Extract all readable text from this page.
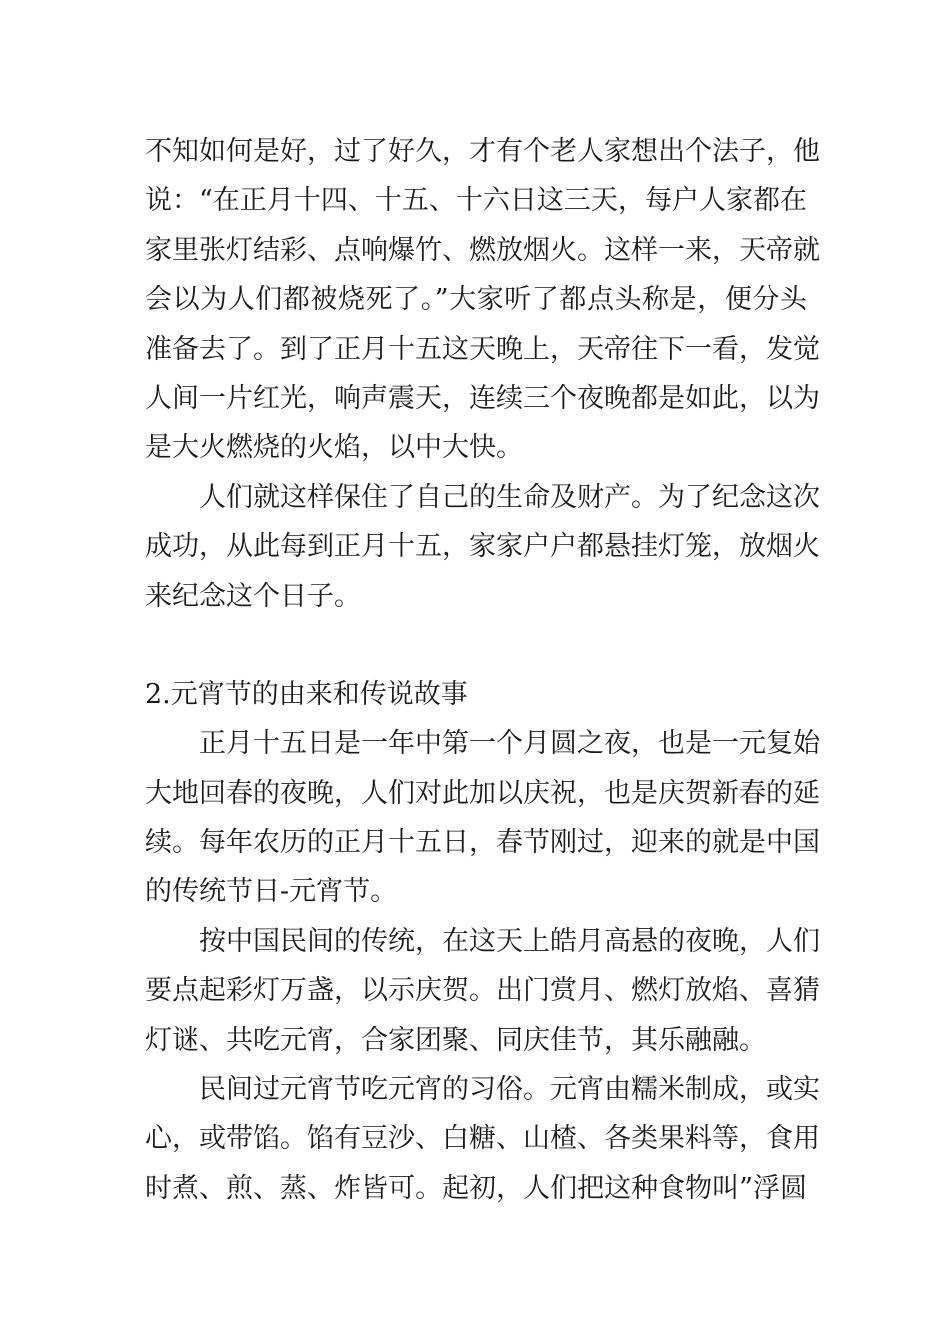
不知如何是好，过了好久，才有个老人家想出个法子，他
说：“在正月十四、十五、十六日这三天，每户人家都在
家里张灯结彩、点响爆竹、燃放烟火。这样一来，天帝就
会以为人们都被烧死了。”大家听了都点头称是，便分头
准备去了。到了正月十五这天晚上，天帝往下一看，发觉
人间一片红光，响声震天，连续三个夜晚都是如此，以为
是大火燃烧的火焰，以中大快。
人们就这样保住了自己的生命及财产。为了纪念这次
成功，从此每到正月十五，家家户户都悬挂灯笼，放烟火
来纪念这个日子。
2.元宵节的由来和传说故事
正月十五日是一年中第一个月圆之夜，也是一元复始
大地回春的夜晚，人们对此加以庆祝，也是庆贺新春的延
续。每年农历的正月十五日，春节刚过，迎来的就是中国
的传统节日-元宵节。
按中国民间的传统，在这天上皓月高悬的夜晚，人们
要点起彩灯万盏，以示庆贺。出门赏月、燃灯放焰、喜猜
灯谜、共吃元宵，合家团聚、同庆佳节，其乐融融。
民间过元宵节吃元宵的习俗。元宵由糯米制成，或实
心，或带馅。馅有豆沙、白糖、山楂、各类果料等，食用
时煮、煎、蒸、炸皆可。起初，人们把这种食物叫”浮圆
